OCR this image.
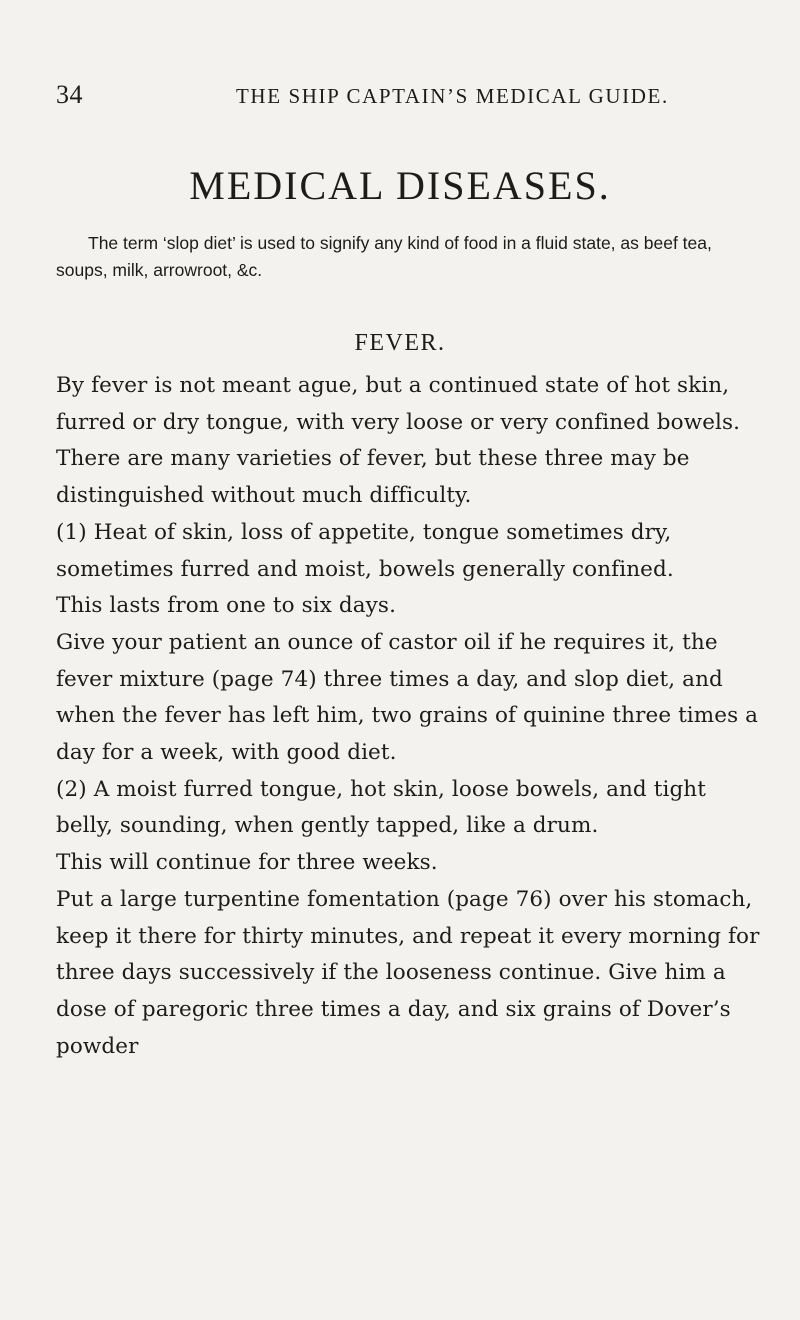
34	THE SHIP CAPTAIN’S MEDICAL GUIDE.
MEDICAL DISEASES.

The term ‘slop diet’ is used to signify any kind of food in a fluid state, as beef tea, soups, milk, arrowroot, &c.

FEVER.

By fever is not meant ague, but a continued state of hot skin, furred or dry tongue, with very loose or very confined bowels.

There are many varieties of fever, but these three may be distinguished without much difficulty.

(1) Heat of skin, loss of appetite, tongue sometimes dry, sometimes furred and moist, bowels generally confined.

This lasts from one to six days.

Give your patient an ounce of castor oil if he requires it, the fever mixture (page 74) three times a day, and slop diet, and when the fever has left him, two grains of quinine three times a day for a week, with good diet.

(2) A moist furred tongue, hot skin, loose bowels, and tight belly, sounding, when gently tapped, like a drum.

This will continue for three weeks.

Put a large turpentine fomentation (page 76) over his stomach, keep it there for thirty minutes, and repeat it every morning for three days successively if the looseness continue. Give him a dose of paregoric three times a day, and six grains of Dover’s powder
